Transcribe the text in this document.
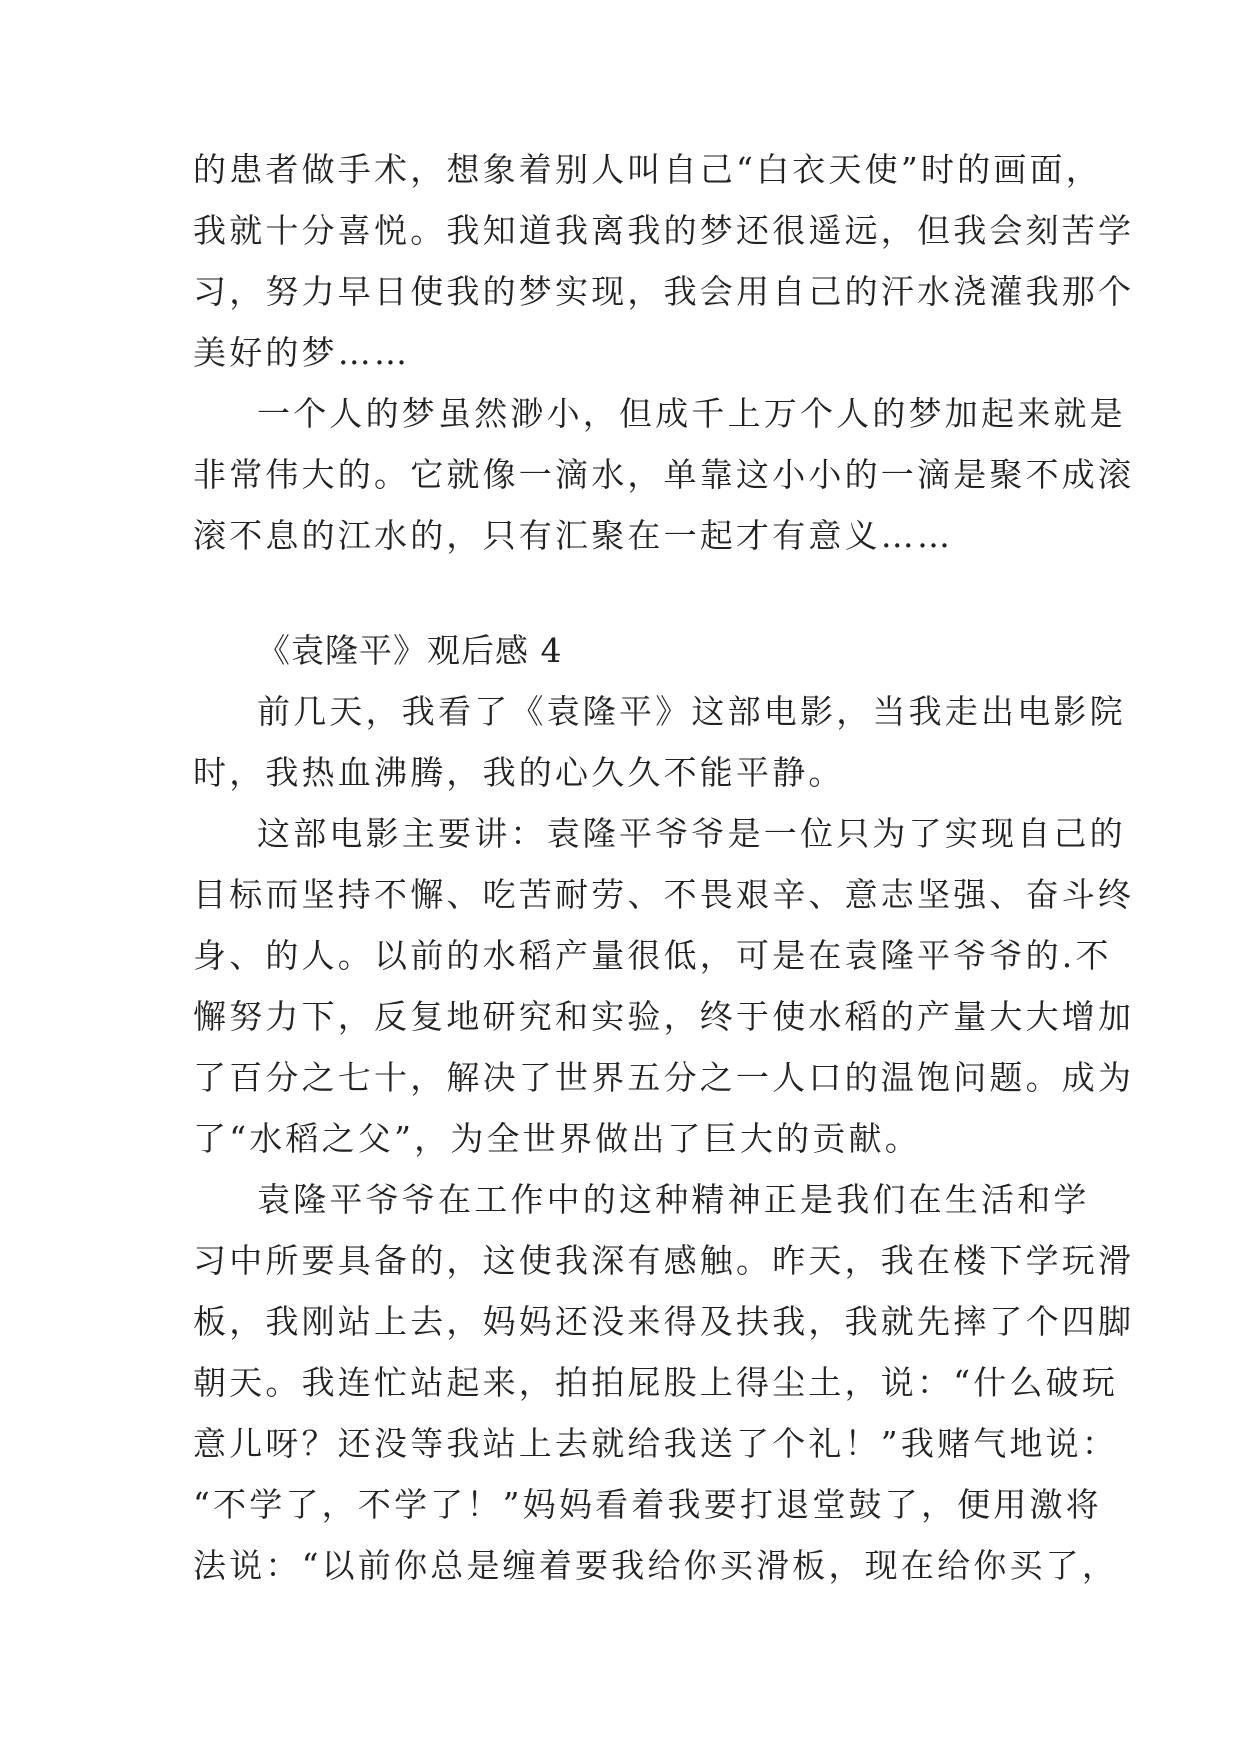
的患者做手术，想象着别人叫自己“白衣天使”时的画面，
我就十分喜悦。我知道我离我的梦还很遥远，但我会刻苦学
习，努力早日使我的梦实现，我会用自己的汗水浇灌我那个
美好的梦……
一个人的梦虽然渺小，但成千上万个人的梦加起来就是
非常伟大的。它就像一滴水，单靠这小小的一滴是聚不成滚
滚不息的江水的，只有汇聚在一起才有意义……
《袁隆平》观后感 4
前几天，我看了《袁隆平》这部电影，当我走出电影院
时，我热血沸腾，我的心久久不能平静。
这部电影主要讲：袁隆平爷爷是一位只为了实现自己的
目标而坚持不懈、吃苦耐劳、不畏艰辛、意志坚强、奋斗终
身、的人。以前的水稻产量很低，可是在袁隆平爷爷的.不
懈努力下，反复地研究和实验，终于使水稻的产量大大增加
了百分之七十，解决了世界五分之一人口的温饱问题。成为
了“水稻之父”，为全世界做出了巨大的贡献。
袁隆平爷爷在工作中的这种精神正是我们在生活和学
习中所要具备的，这使我深有感触。昨天，我在楼下学玩滑
板，我刚站上去，妈妈还没来得及扶我，我就先摔了个四脚
朝天。我连忙站起来，拍拍屁股上得尘土，说：“什么破玩
意儿呀？还没等我站上去就给我送了个礼！”我赌气地说：
“不学了，不学了！”妈妈看着我要打退堂鼓了，便用激将
法说：“以前你总是缠着要我给你买滑板，现在给你买了，
